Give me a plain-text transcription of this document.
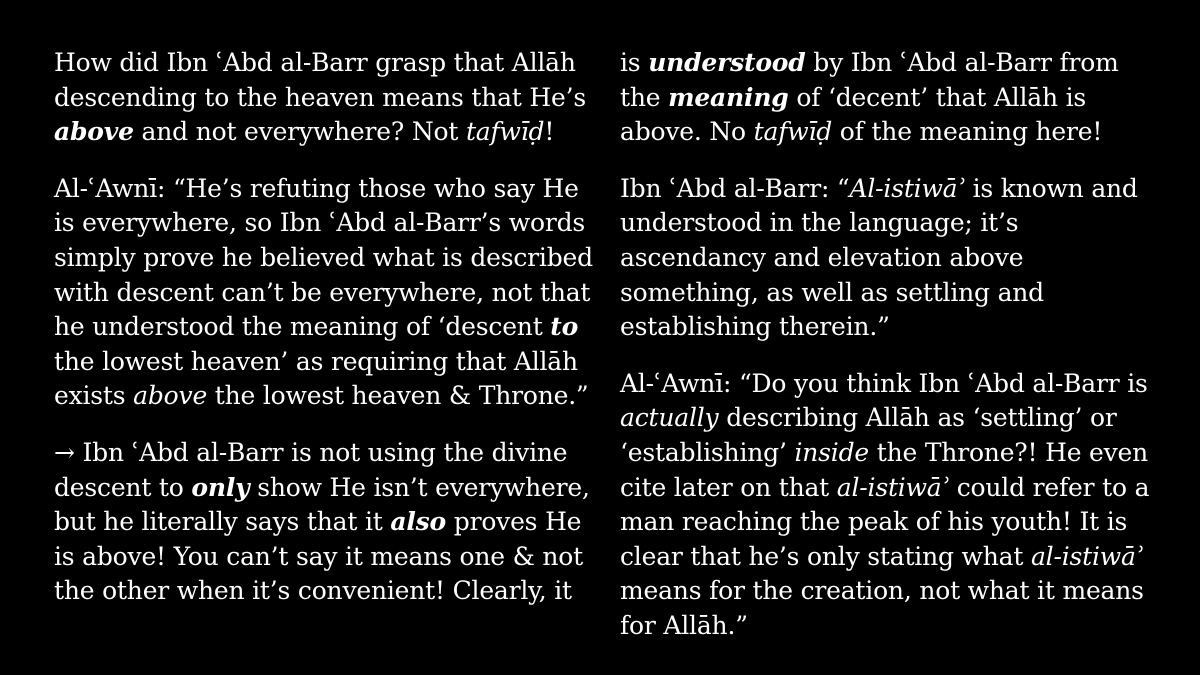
How did Ibn ʿAbd al-Barr grasp that Allāh descending to the heaven means that He’s above and not everywhere? Not tafwīḍ!

Al-ʿAwnī: “He’s refuting those who say He is everywhere, so Ibn ʿAbd al-Barr’s words simply prove he believed what is described with descent can’t be everywhere, not that he understood the meaning of ‘descent to the lowest heaven’ as requiring that Allāh exists above the lowest heaven & Throne.”

→ Ibn ʿAbd al-Barr is not using the divine descent to only show He isn’t everywhere, but he literally says that it also proves He is above! You can’t say it means one & not the other when it’s convenient! Clearly, it

is understood by Ibn ʿAbd al-Barr from the meaning of ‘decent’ that Allāh is above. No tafwīḍ of the meaning here!

Ibn ʿAbd al-Barr: “Al-istiwāʾ is known and understood in the language; it’s ascendancy and elevation above something, as well as settling and establishing therein.”

Al-ʿAwnī: “Do you think Ibn ʿAbd al-Barr is actually describing Allāh as ‘settling’ or ‘establishing’ inside the Throne?! He even cite later on that al-istiwāʾ could refer to a man reaching the peak of his youth! It is clear that he’s only stating what al-istiwāʾ means for the creation, not what it means for Allāh.”
